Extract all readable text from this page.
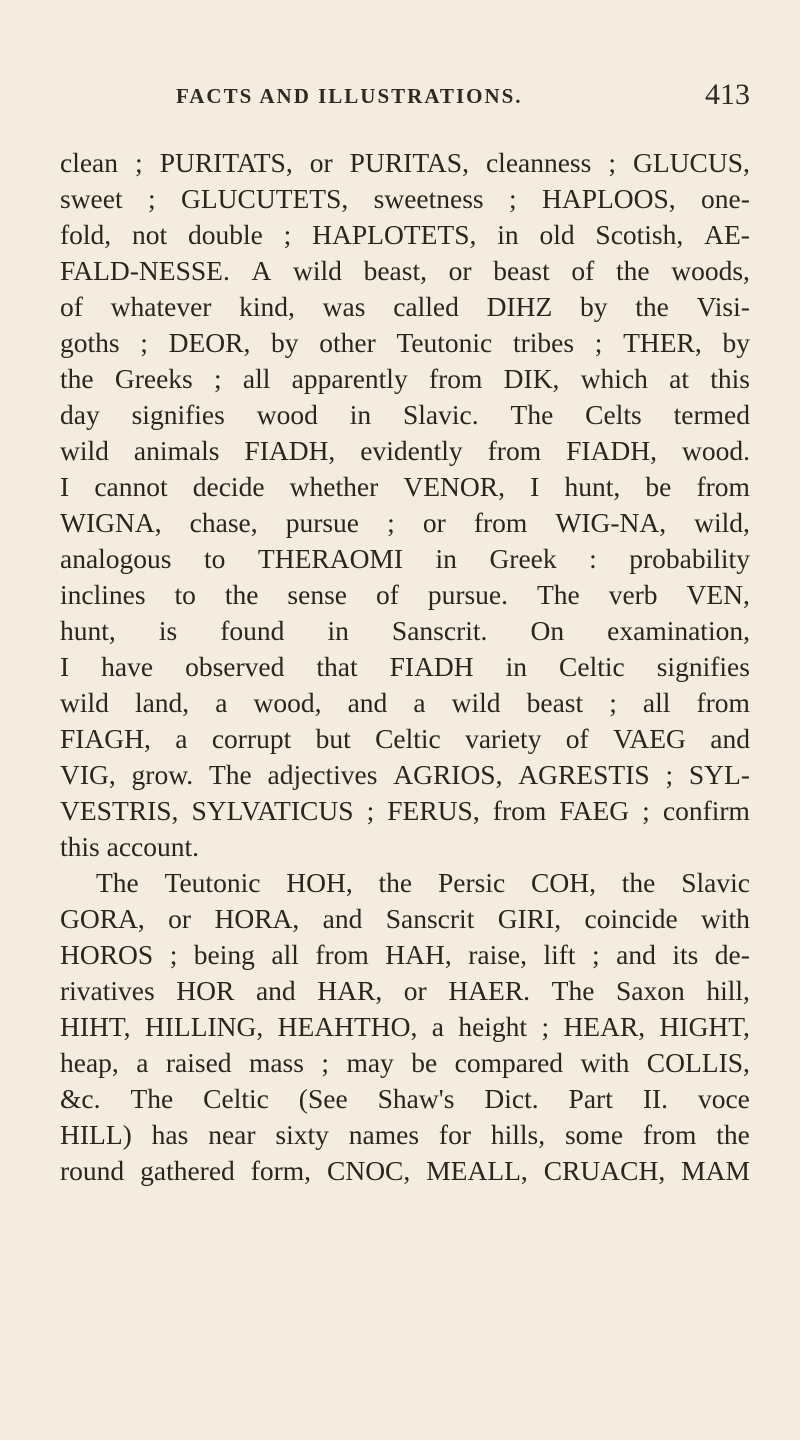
FACTS AND ILLUSTRATIONS.	413
clean ; PURITATS, or PURITAS, cleanness ; GLUCUS,
sweet ; GLUCUTETS, sweetness ; HAPLOOS, one-
fold, not double ; HAPLOTETS, in old Scotish, AE-
FALD-NESSE. A wild beast, or beast of the woods,
of whatever kind, was called DIHZ by the Visi-
goths ; DEOR, by other Teutonic tribes ; THER, by
the Greeks ; all apparently from DIK, which at this
day signifies wood in Slavic. The Celts termed
wild animals FIADH, evidently from FIADH, wood.
I cannot decide whether VENOR, I hunt, be from
WIGNA, chase, pursue ; or from WIG-NA, wild,
analogous to THERAOMI in Greek : probability
inclines to the sense of pursue. The verb VEN,
hunt, is found in Sanscrit. On examination,
I have observed that FIADH in Celtic signifies
wild land, a wood, and a wild beast ; all from
FIAGH, a corrupt but Celtic variety of VAEG and
VIG, grow. The adjectives AGRIOS, AGRESTIS ; SYL-
VESTRIS, SYLVATICUS ; FERUS, from FAEG ; confirm
this account.
The Teutonic HOH, the Persic COH, the Slavic
GORA, or HORA, and Sanscrit GIRI, coincide with
HOROS ; being all from HAH, raise, lift ; and its de-
rivatives HOR and HAR, or HAER. The Saxon hill,
HIHT, HILLING, HEAHTHO, a height ; HEAR, HIGHT,
heap, a raised mass ; may be compared with COLLIS,
&c. The Celtic (See Shaw's Dict. Part II. voce
HILL) has near sixty names for hills, some from the
round gathered form, CNOC, MEALL, CRUACH, MAM
